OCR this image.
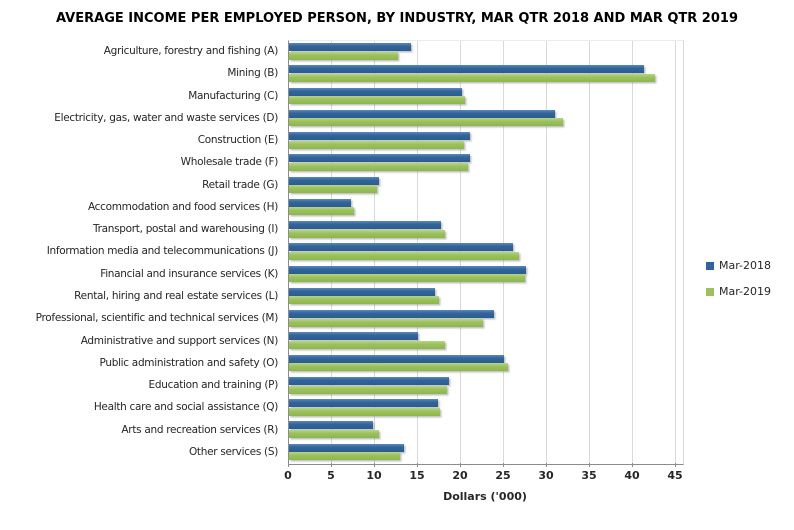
AVERAGE INCOME PER EMPLOYED PERSON, BY INDUSTRY, MAR QTR 2018 AND MAR QTR 2019
Agriculture, forestry and fishing (A)
Mining (B)
Manufacturing (C)
Electricity, gas, water and waste services (D)
Construction (E)
Wholesale trade (F)
Retail trade (G)
Accommodation and food services (H)
Transport, postal and warehousing (I)
Information media and telecommunications (J)
Financial and insurance services (K)
Rental, hiring and real estate services (L)
Professional, scientific and technical services (M)
Administrative and support services (N)
Public administration and safety (O)
Education and training (P)
Health care and social assistance (Q)
Arts and recreation services (R)
Other services (S)
0	5	10	15	20	25	30	35	40	45
Dollars ('000)
Mar-2018
Mar-2019
